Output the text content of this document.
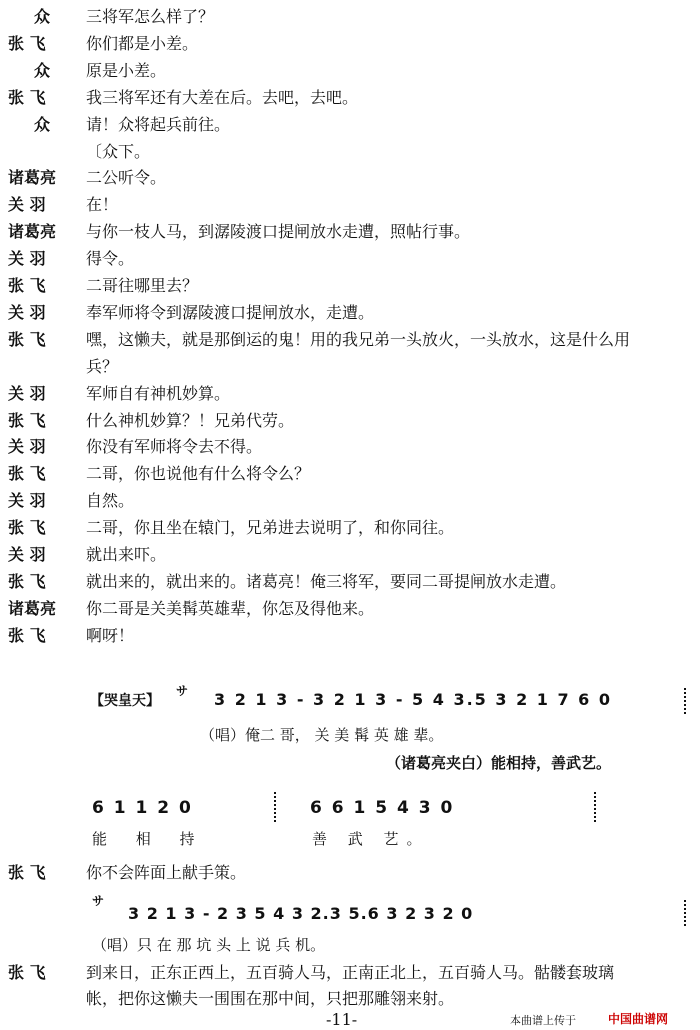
众	三将军怎么样了？
张 飞	你们都是小差。
众	原是小差。
张 飞	我三将军还有大差在后。去吧，去吧。
众	请！众将起兵前往。
〔众下。
诸葛亮	二公听令。
关 羽	在！
诸葛亮	与你一枝人马，到潺陵渡口提闸放水走遭，照帖行事。
关 羽	得令。
张 飞	二哥往哪里去？
关 羽	奉军师将令到潺陵渡口提闸放水，走遭。
张 飞	嘿，这懒夫，就是那倒运的鬼！用的我兄弟一头放火，一头放水，这是什么用
兵？
关 羽	军师自有神机妙算。
张 飞	什么神机妙算？！兄弟代劳。
关 羽	你没有军师将令去不得。
张 飞	二哥，你也说他有什么将令么？
关 羽	自然。
张 飞	二哥，你且坐在辕门，兄弟进去说明了，和你同往。
关 羽	就出来吓。
张 飞	就出来的，就出来的。诸葛亮！俺三将军，要同二哥提闸放水走遭。
诸葛亮	你二哥是关美髯英雄辈，你怎及得他来。
张 飞	啊呀！
【哭皇天】
サ 3 2 1 3 - 3 2 1 3 - 5 4 3.5 3 2 1 7 6 0
（唱）俺二 哥， 关 美 髯 英 雄 辈。
（诸葛亮夹白）能相持，善武艺。
6 1 1 2 0	6 6 1 5 4 3 0
能 相 持	善 武 艺。
张 飞	你不会阵面上献手策。
サ
3 2 1 3 - 2 3 5 4 3 2.3 5.6 3 2 3 2 0
（唱）只 在 那 坑 头 上 说 兵 机。
张 飞	到来日，正东正西上，五百骑人马，正南正北上，五百骑人马。骷髅套玻璃
帐，把你这懒夫一围围在那中间，只把那雕翎来射。
本曲谱上传于	中国曲谱网
-11-
